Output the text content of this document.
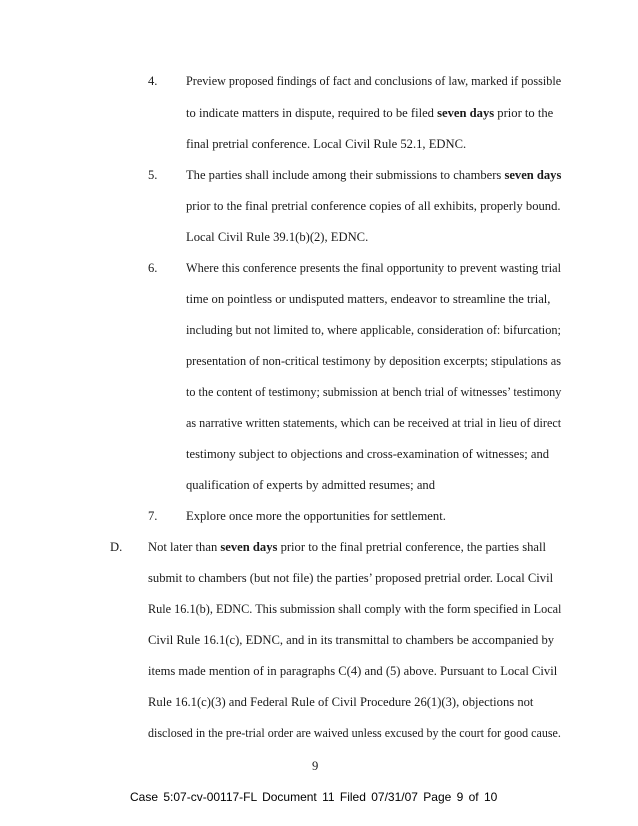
4. Preview proposed findings of fact and conclusions of law, marked if possible
to indicate matters in dispute, required to be filed seven days prior to the
final pretrial conference. Local Civil Rule 52.1, EDNC.
5. The parties shall include among their submissions to chambers seven days
prior to the final pretrial conference copies of all exhibits, properly bound.
Local Civil Rule 39.1(b)(2), EDNC.
6. Where this conference presents the final opportunity to prevent wasting trial
time on pointless or undisputed matters, endeavor to streamline the trial,
including but not limited to, where applicable, consideration of: bifurcation;
presentation of non-critical testimony by deposition excerpts; stipulations as
to the content of testimony; submission at bench trial of witnesses’ testimony
as narrative written statements, which can be received at trial in lieu of direct
testimony subject to objections and cross-examination of witnesses; and
qualification of experts by admitted resumes; and
7. Explore once more the opportunities for settlement.
D. Not later than seven days prior to the final pretrial conference, the parties shall
submit to chambers (but not file) the parties’ proposed pretrial order. Local Civil
Rule 16.1(b), EDNC. This submission shall comply with the form specified in Local
Civil Rule 16.1(c), EDNC, and in its transmittal to chambers be accompanied by
items made mention of in paragraphs C(4) and (5) above. Pursuant to Local Civil
Rule 16.1(c)(3) and Federal Rule of Civil Procedure 26(1)(3), objections not
disclosed in the pre-trial order are waived unless excused by the court for good cause.
9
Case 5:07-cv-00117-FL Document 11 Filed 07/31/07 Page 9 of 10
